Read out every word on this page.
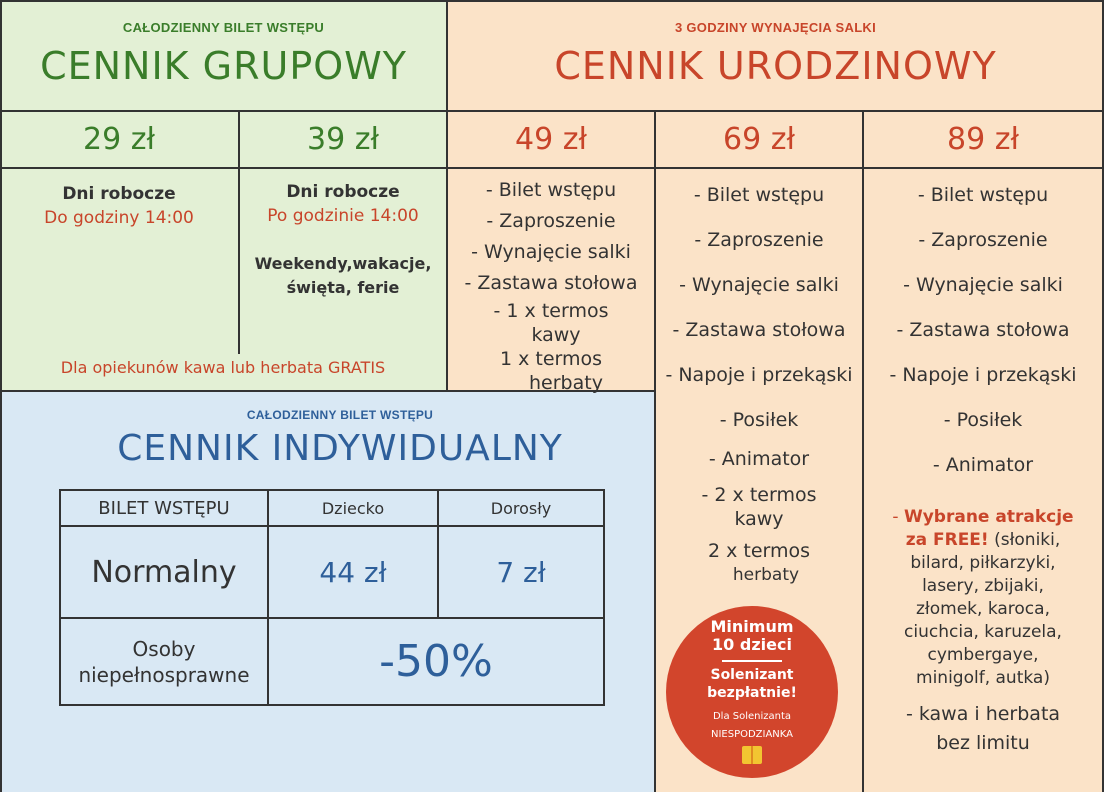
CAŁODZIENNY BILET WSTĘPU
CENNIK GRUPOWY
3 GODZINY WYNAJĘCIA SALKI
CENNIK URODZINOWY
29 zł	39 zł	49 zł	69 zł	89 zł
Dni robocze
Do godziny 14:00
Dni robocze
Po godzinie 14:00
Weekendy,wakacje,
święta, ferie
Dla opiekunów kawa lub herbata GRATIS
- Bilet wstępu
- Zaproszenie
- Wynajęcie salki
- Zastawa stołowa
- 1 x termos
kawy
1 x termos
herbaty
- Bilet wstępu
- Zaproszenie
- Wynajęcie salki
- Zastawa stołowa
- Napoje i przekąski
- Posiłek
- Animator
- 2 x termos
kawy
2 x termos
herbaty
- Bilet wstępu
- Zaproszenie
- Wynajęcie salki
- Zastawa stołowa
- Napoje i przekąski
- Posiłek
- Animator
- Wybrane atrakcje
za FREE! (słoniki,
bilard, piłkarzyki,
lasery, zbijaki,
złomek, karoca,
ciuchcia, karuzela,
cymbergaye,
minigolf, autka)
- kawa i herbata
bez limitu
Minimum
10 dzieci
Solenizant
bezpłatnie!
Dla Solenizanta
NIESPODZIANKA
CAŁODZIENNY BILET WSTĘPU
CENNIK INDYWIDUALNY
BILET WSTĘPU	Dziecko	Dorosły
Normalny	44 zł	7 zł
Osoby
niepełnosprawne	-50%
